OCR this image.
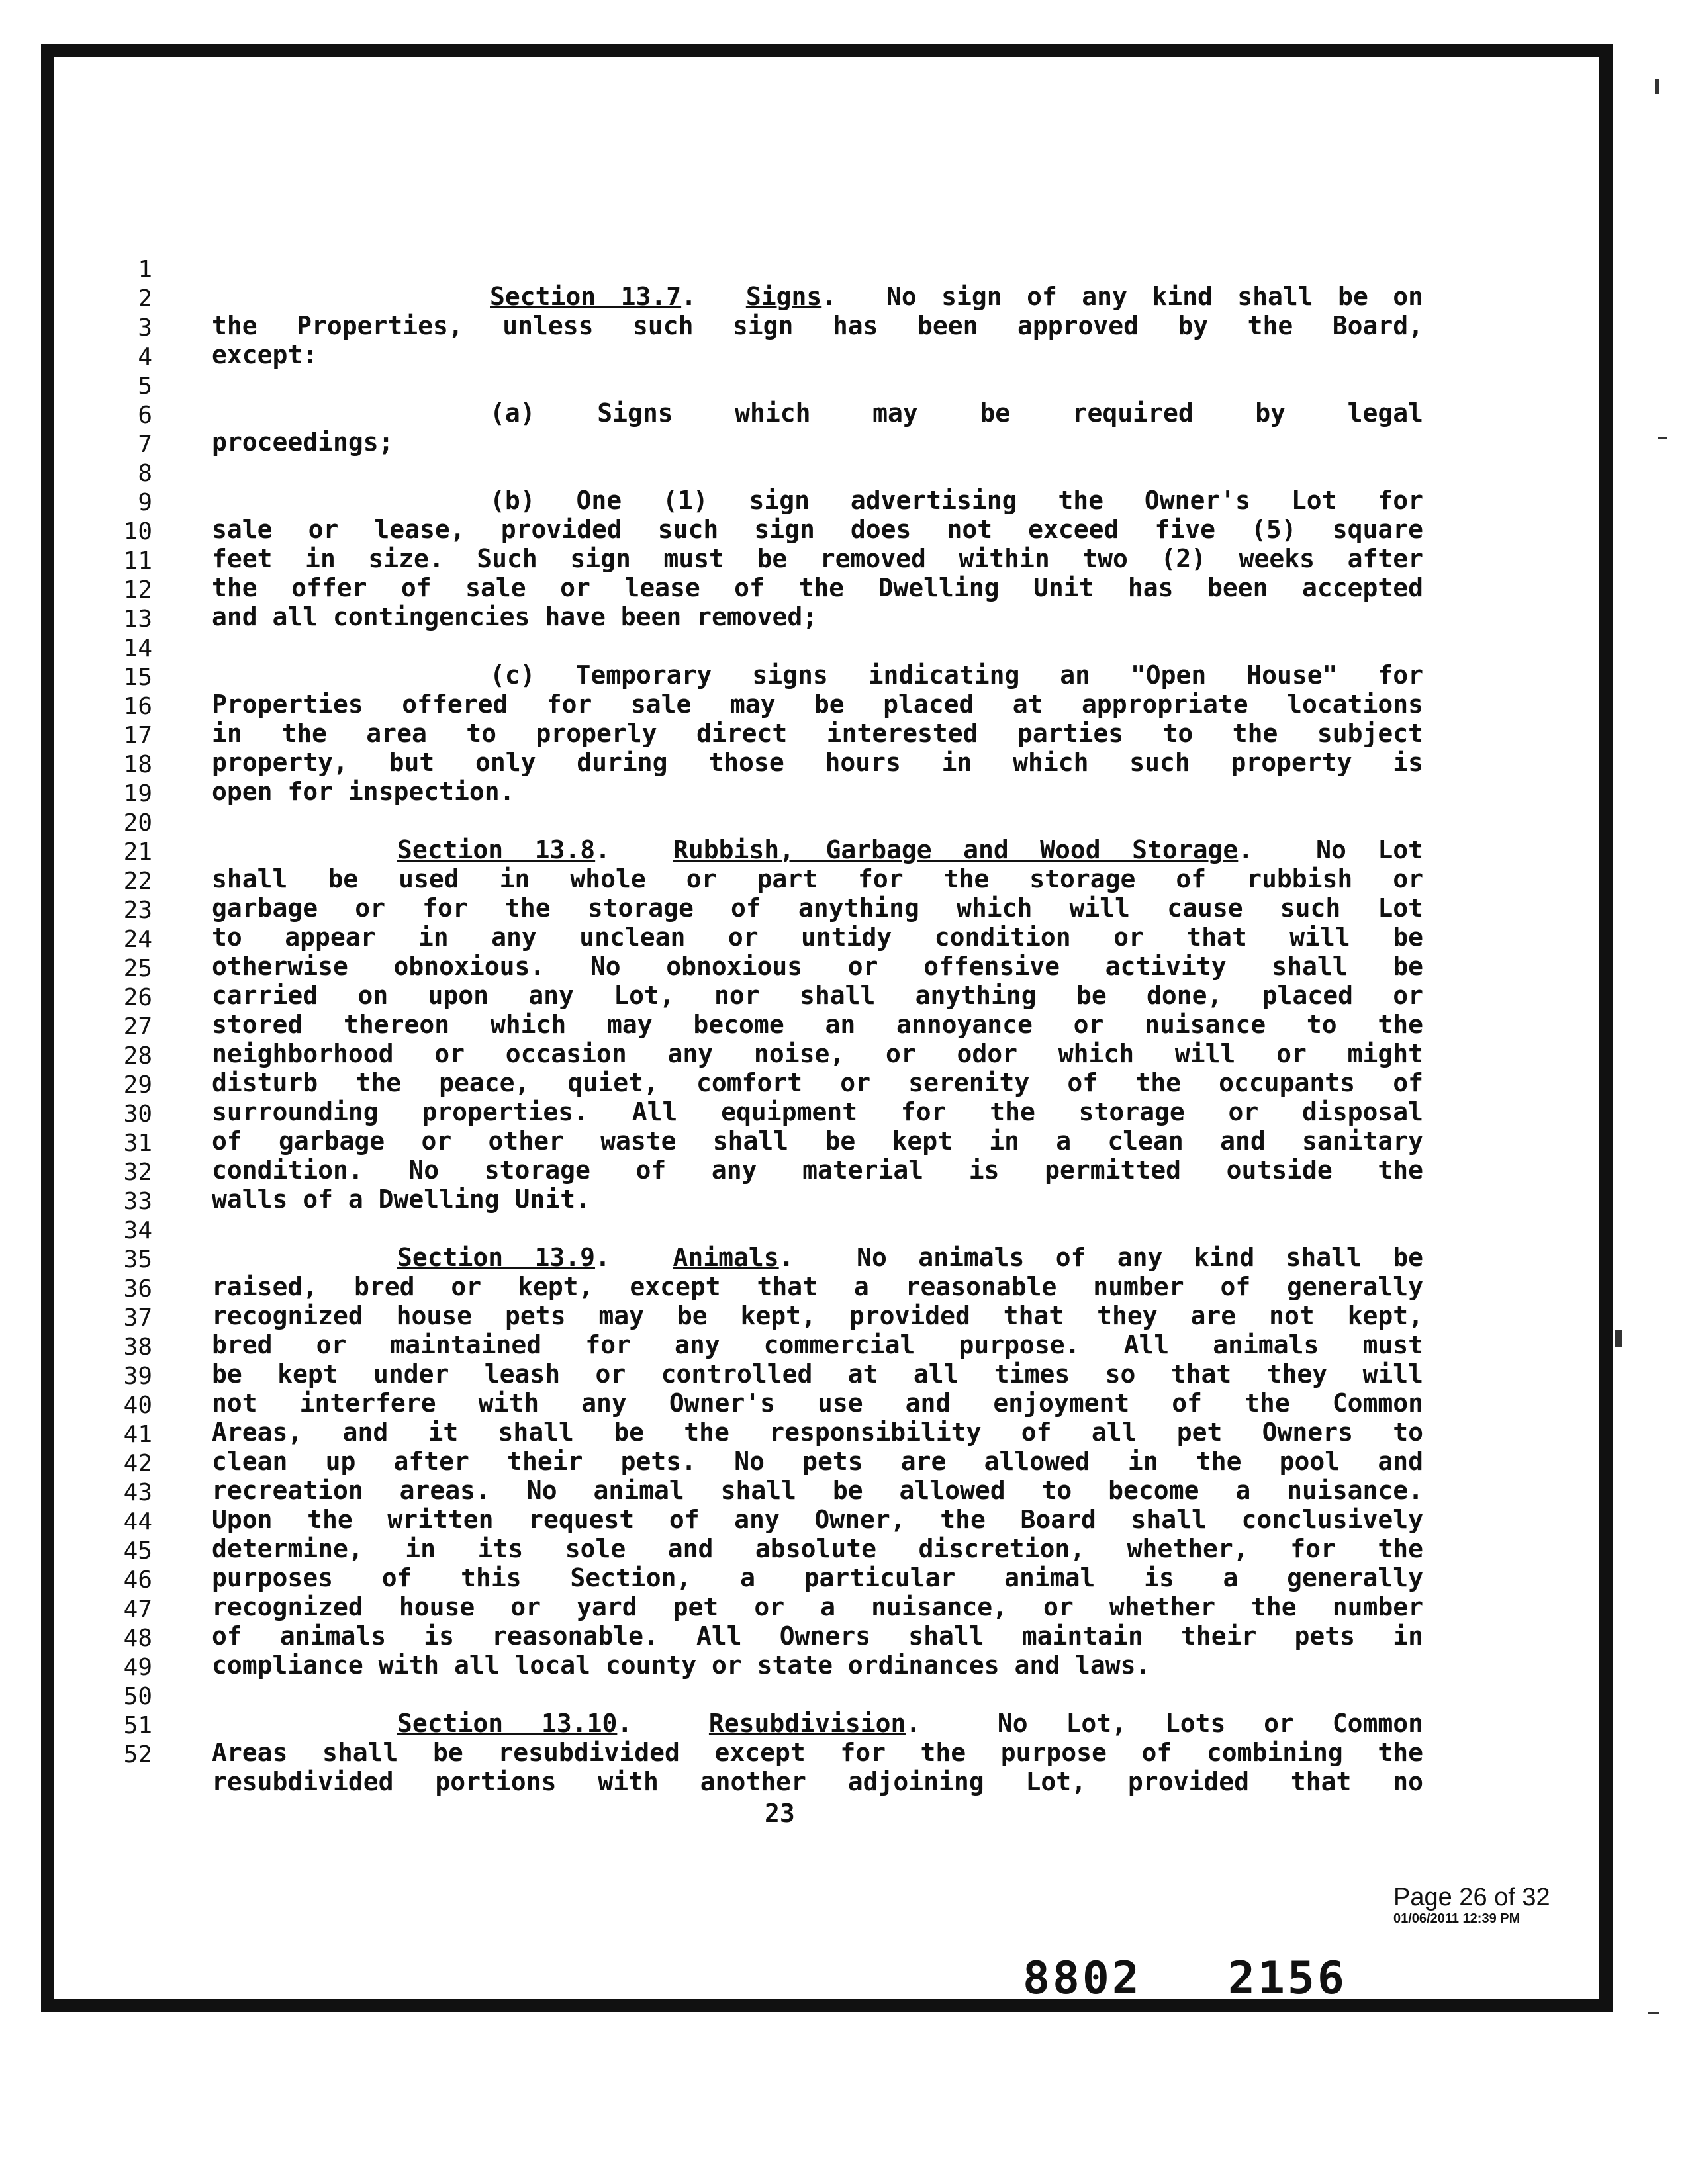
1

Section 13.7.  Signs.  No sign of any kind shall be on

2

the Properties, unless such sign has been approved by the Board,

3

except:

4

5

(a) Signs which may be required by legal

6

proceedings;

7

8

(b) One (1) sign advertising the Owner's Lot for

9

sale or lease, provided such sign does not exceed five (5) square

10

feet in size. Such sign must be removed within two (2) weeks after

11

the offer of sale or lease of the Dwelling Unit has been accepted

12

and all contingencies have been removed;

13

14

(c) Temporary signs indicating an "Open House" for

15

Properties offered for sale may be placed at appropriate locations

16

in the area to properly direct interested parties to the subject

17

property, but only during those hours in which such property is

18

open for inspection.

19

20

Section 13.8.  Rubbish, Garbage and Wood Storage.  No Lot

21

shall be used in whole or part for the storage of rubbish or

22

garbage or for the storage of anything which will cause such Lot

23

to appear in any unclean or untidy condition or that will be

24

otherwise obnoxious. No obnoxious or offensive activity shall be

25

carried on upon any Lot, nor shall anything be done, placed or

26

stored thereon which may become an annoyance or nuisance to the

27

neighborhood or occasion any noise, or odor which will or might

28

disturb the peace, quiet, comfort or serenity of the occupants of

29

surrounding properties. All equipment for the storage or disposal

30

of garbage or other waste shall be kept in a clean and sanitary

31

condition. No storage of any material is permitted outside the

32

walls of a Dwelling Unit.

33

34

Section 13.9.  Animals.  No animals of any kind shall be

35

raised, bred or kept, except that a reasonable number of generally

36

recognized house pets may be kept, provided that they are not kept,

37

bred or maintained for any commercial purpose. All animals must

38

be kept under leash or controlled at all times so that they will

39

not interfere with any Owner's use and enjoyment of the Common

40

Areas, and it shall be the responsibility of all pet Owners to

41

clean up after their pets. No pets are allowed in the pool and

42

recreation areas. No animal shall be allowed to become a nuisance.

43

Upon the written request of any Owner, the Board shall conclusively

44

determine, in its sole and absolute discretion, whether, for the

45

purposes of this Section, a particular animal is a generally

46

recognized house or yard pet or a nuisance, or whether the number

47

of animals is reasonable. All Owners shall maintain their pets in

48

compliance with all local county or state ordinances and laws.

49

50

Section 13.10.  Resubdivision.  No Lot, Lots or Common

51

Areas shall be resubdivided except for the purpose of combining the

52

resubdivided portions with another adjoining Lot, provided that no

23
Page 26 of 32
01/06/2011 12:39 PM
8802 2156
